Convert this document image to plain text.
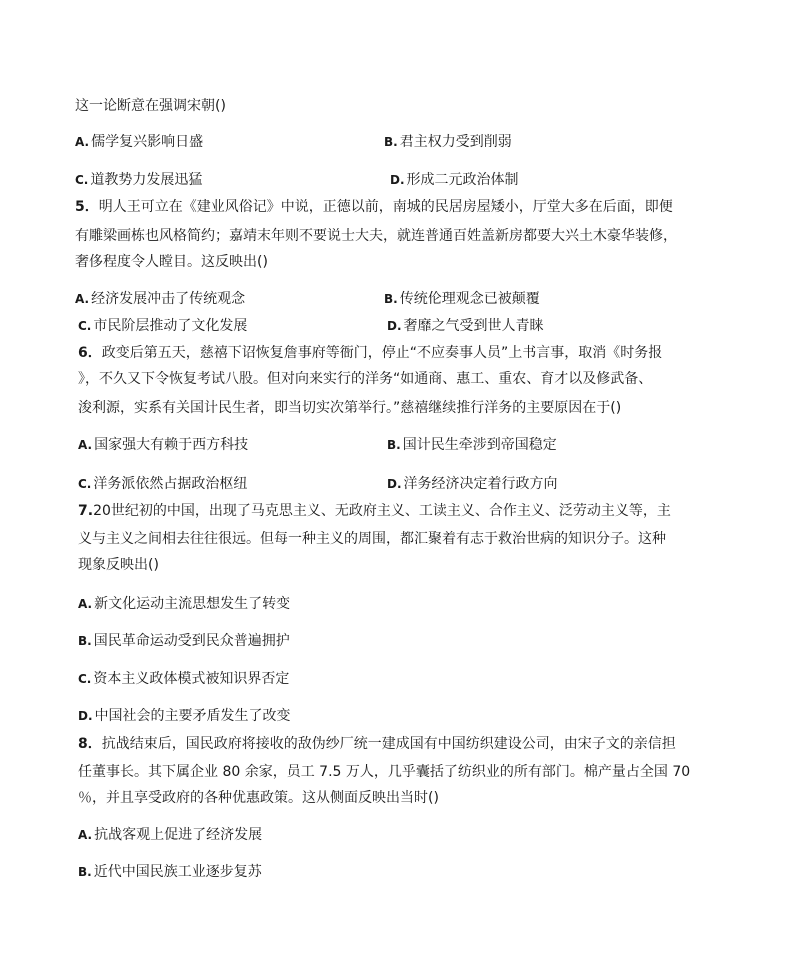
这一论断意在强调宋朝()
A. 儒学复兴影响日盛	B. 君主权力受到削弱
C. 道教势力发展迅猛	D. 形成二元政治体制
5．明人王可立在《建业风俗记》中说，正德以前，南城的民居房屋矮小，厅堂大多在后面，即便
有雕梁画栋也风格简约；嘉靖末年则不要说士大夫，就连普通百姓盖新房都要大兴土木豪华装修，
奢侈程度令人瞠目。这反映出()
A. 经济发展冲击了传统观念	B. 传统伦理观念已被颠覆
C. 市民阶层推动了文化发展	D. 奢靡之气受到世人青睐
6．政变后第五天，慈禧下诏恢复詹事府等衙门，停止“不应奏事人员”上书言事，取消《时务报
》，不久又下令恢复考试八股。但对向来实行的洋务“如通商、惠工、重农、育才以及修武备、
浚利源，实系有关国计民生者，即当切实次第举行。”慈禧继续推行洋务的主要原因在于()
A. 国家强大有赖于西方科技	B. 国计民生牵涉到帝国稳定
C. 洋务派依然占据政治枢纽	D. 洋务经济决定着行政方向
7.20世纪初的中国，出现了马克思主义、无政府主义、工读主义、合作主义、泛劳动主义等，主
义与主义之间相去往往很远。但每一种主义的周围，都汇聚着有志于救治世病的知识分子。这种
现象反映出()
A. 新文化运动主流思想发生了转变
B. 国民革命运动受到民众普遍拥护
C. 资本主义政体模式被知识界否定
D. 中国社会的主要矛盾发生了改变
8．抗战结束后，国民政府将接收的敌伪纱厂统一建成国有中国纺织建设公司，由宋子文的亲信担
任董事长。其下属企业 80 余家，员工 7.5 万人，几乎囊括了纺织业的所有部门。棉产量占全国 70
％，并且享受政府的各种优惠政策。这从侧面反映出当时()
A. 抗战客观上促进了经济发展
B. 近代中国民族工业逐步复苏
